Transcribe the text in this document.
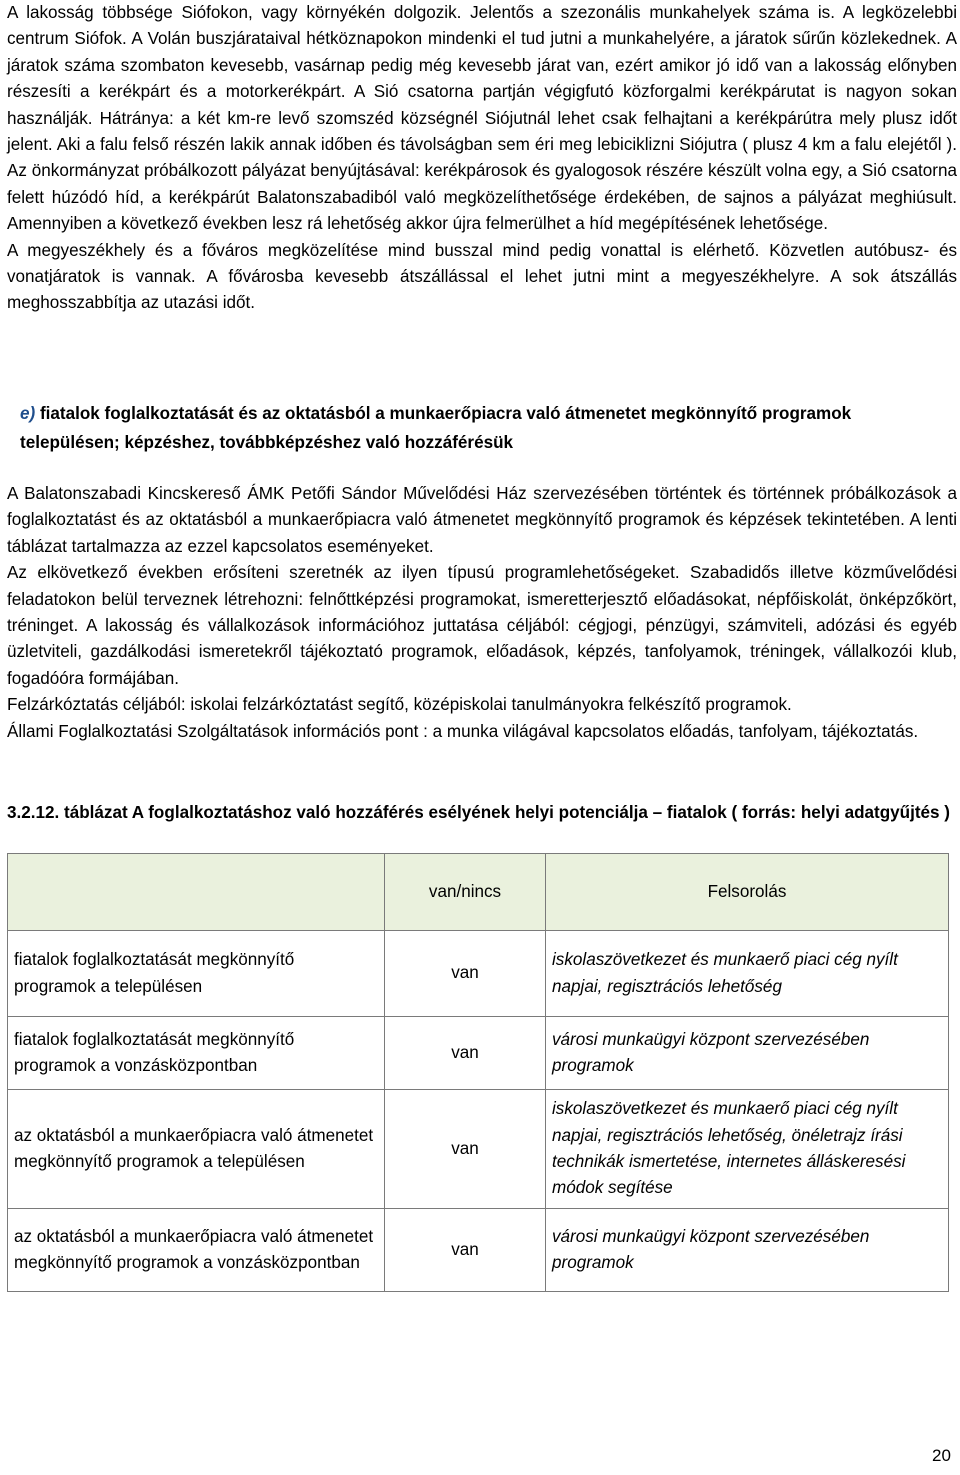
A lakosság többsége Siófokon, vagy környékén dolgozik. Jelentős a szezonális munkahelyek száma is. A legközelebbi centrum Siófok. A Volán buszjárataival hétköznapokon mindenki el tud jutni a munkahelyére, a járatok sűrűn közlekednek. A járatok száma szombaton kevesebb, vasárnap pedig még kevesebb járat van, ezért amikor jó idő van a lakosság előnyben részesíti a kerékpárt és a motorkerékpárt. A Sió csatorna partján végigfutó közforgalmi kerékpárutat is nagyon sokan használják. Hátránya: a két km-re levő szomszéd községnél Siójutnál lehet csak felhajtani a kerékpárútra mely plusz időt jelent. Aki a falu felső részén lakik annak időben és távolságban sem éri meg lebiciklizni Siójutra ( plusz 4 km a falu elejétől ). Az önkormányzat próbálkozott pályázat benyújtásával: kerékpárosok és gyalogosok részére készült volna egy, a Sió csatorna felett húzódó híd, a kerékpárút Balatonszabadiból való megközelíthetősége érdekében, de sajnos a pályázat meghiúsult. Amennyiben a következő években lesz rá lehetőség akkor újra felmerülhet a híd megépítésének lehetősége.

A megyeszékhely és a főváros megközelítése mind busszal mind pedig vonattal is elérhető. Közvetlen autóbusz- és vonatjáratok is vannak. A fővárosba kevesebb átszállással el lehet jutni mint a megyeszékhelyre. A sok átszállás meghosszabbítja az utazási időt.

e) fiatalok foglalkoztatását és az oktatásból a munkaerőpiacra való átmenetet megkönnyítő programok településen; képzéshez, továbbképzéshez való hozzáférésük

A Balatonszabadi Kincskereső ÁMK Petőfi Sándor Művelődési Ház szervezésében történtek és történnek próbálkozások a foglalkoztatást és az oktatásból a munkaerőpiacra való átmenetet megkönnyítő programok és képzések tekintetében. A lenti táblázat tartalmazza az ezzel kapcsolatos eseményeket.

Az elkövetkező években erősíteni szeretnék az ilyen típusú programlehetőségeket. Szabadidős illetve közművelődési feladatokon belül terveznek létrehozni: felnőttképzési programokat, ismeretterjesztő előadásokat, népfőiskolát, önképzőkört, tréninget. A lakosság és vállalkozások információhoz juttatása céljából: cégjogi, pénzügyi, számviteli, adózási és egyéb üzletviteli, gazdálkodási ismeretekről tájékoztató programok, előadások, képzés, tanfolyamok, tréningek, vállalkozói klub, fogadóóra formájában.

Felzárkóztatás céljából: iskolai felzárkóztatást segítő, középiskolai tanulmányokra felkészítő programok.

Állami Foglalkoztatási Szolgáltatások információs pont : a munka világával kapcsolatos előadás, tanfolyam, tájékoztatás.

3.2.12. táblázat A foglalkoztatáshoz való hozzáférés esélyének helyi potenciálja – fiatalok ( forrás: helyi adatgyűjtés )
	van/nincs	Felsorolás
fiatalok foglalkoztatását megkönnyítő programok a településen	van	iskolaszövetkezet és munkaerő piaci cég nyílt napjai, regisztrációs lehetőség
fiatalok foglalkoztatását megkönnyítő programok a vonzásközpontban	van	városi munkaügyi központ szervezésében programok
az oktatásból a munkaerőpiacra való átmenetet megkönnyítő programok a településen	van	iskolaszövetkezet és munkaerő piaci cég nyílt napjai, regisztrációs lehetőség, önéletrajz írási technikák ismertetése, internetes álláskeresési módok segítése
az oktatásból a munkaerőpiacra való átmenetet megkönnyítő programok a vonzásközpontban	van	városi munkaügyi központ szervezésében programok
20
